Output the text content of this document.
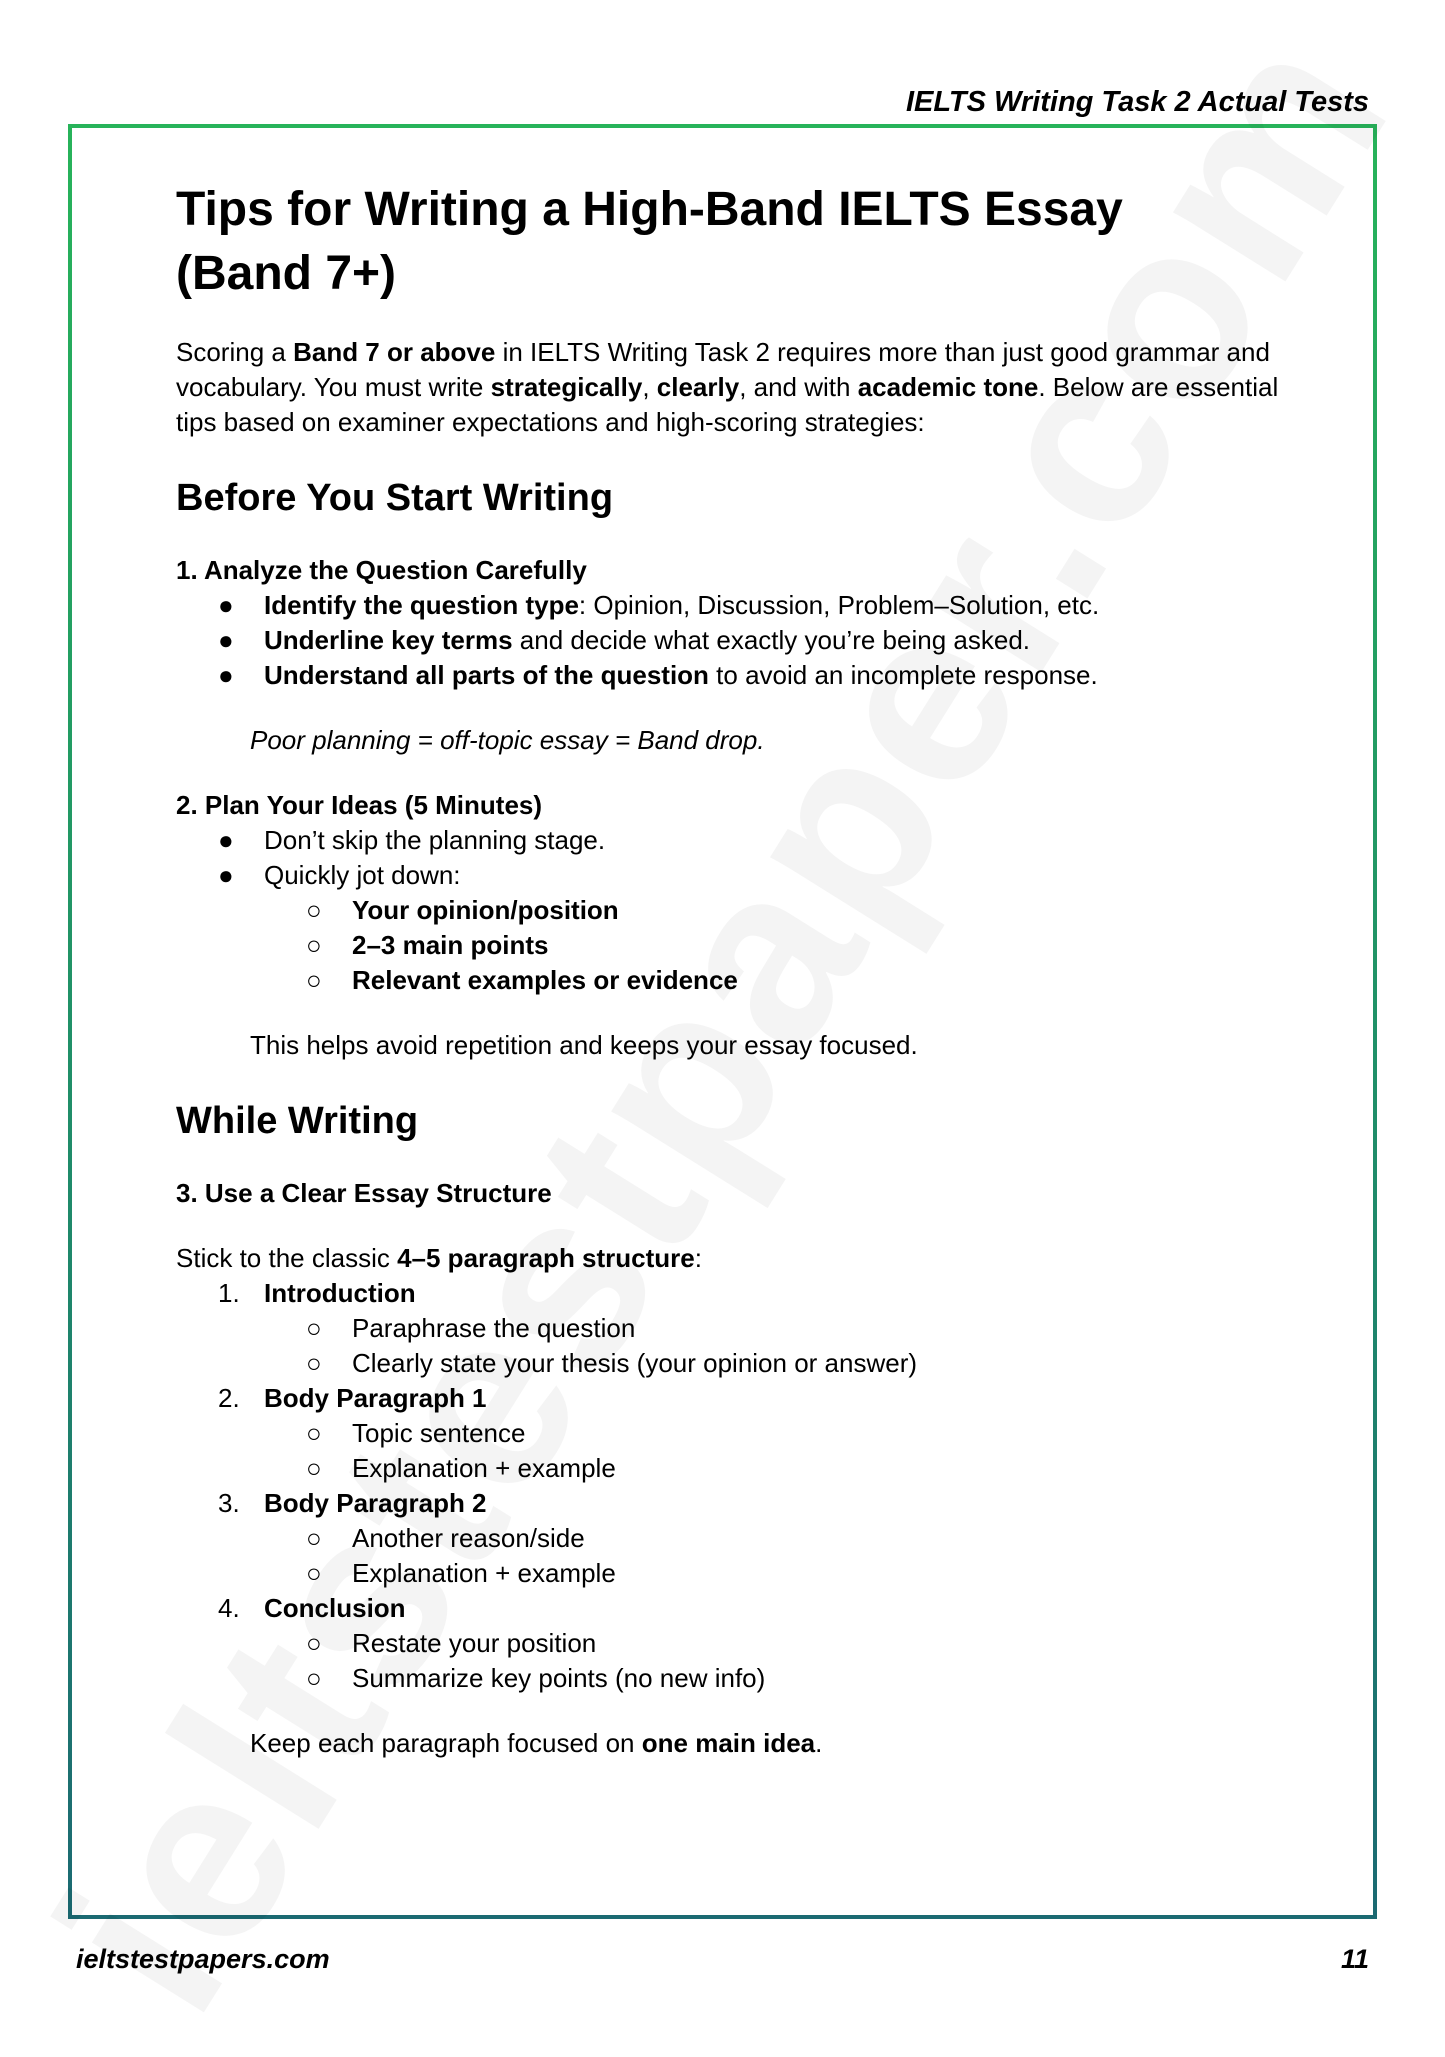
IELTS Writing Task 2 Actual Tests
Tips for Writing a High-Band IELTS Essay (Band 7+)

Scoring a Band 7 or above in IELTS Writing Task 2 requires more than just good grammar and vocabulary. You must write strategically, clearly, and with academic tone. Below are essential tips based on examiner expectations and high-scoring strategies:

Before You Start Writing
1. Analyze the Question Carefully
● Identify the question type: Opinion, Discussion, Problem–Solution, etc.
● Underline key terms and decide what exactly you’re being asked.
● Understand all parts of the question to avoid an incomplete response.

Poor planning = off-topic essay = Band drop.

2. Plan Your Ideas (5 Minutes)
● Don’t skip the planning stage.
● Quickly jot down:
○ Your opinion/position
○ 2–3 main points
○ Relevant examples or evidence

This helps avoid repetition and keeps your essay focused.

While Writing
3. Use a Clear Essay Structure

Stick to the classic 4–5 paragraph structure:

1. Introduction
○ Paraphrase the question
○ Clearly state your thesis (your opinion or answer)
2. Body Paragraph 1
○ Topic sentence
○ Explanation + example
3. Body Paragraph 2
○ Another reason/side
○ Explanation + example
4. Conclusion
○ Restate your position
○ Summarize key points (no new info)

Keep each paragraph focused on one main idea.

ieltstestpapers.com	11
